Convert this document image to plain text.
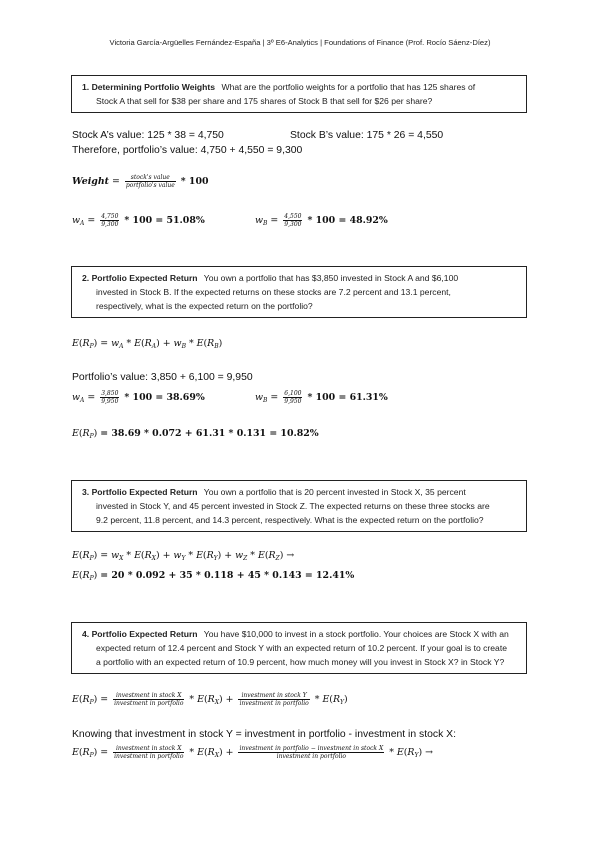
Victoria García-Argüelles Fernández-España | 3º E6-Analytics | Foundations of Finance (Prof. Rocío Sáenz-Díez)
1. Determining Portfolio Weights What are the portfolio weights for a portfolio that has 125 shares of
Stock A that sell for $38 per share and 175 shares of Stock B that sell for $26 per share?
Stock A’s value: 125 * 38 = 4,750	Stock B’s value: 175 * 26 = 4,550
Therefore, portfolio’s value: 4,750 + 4,550 = 9,300
Weight = $\frac{\text{stock's value}}{\text{portfolio's value}} * 100$
$w_A = \frac{4,750}{9,300} * 100 = 51.08\%$	$w_B = \frac{4,550}{9,300} * 100 = 48.92\%$
2. Portfolio Expected Return You own a portfolio that has $3,850 invested in Stock A and $6,100
invested in Stock B. If the expected returns on these stocks are 7.2 percent and 13.1 percent,
respectively, what is the expected return on the portfolio?
$E(R_P) = w_A * E(R_A) + w_B * E(R_B)$
Portfolio’s value: 3,850 + 6,100 = 9,950
$w_A = \frac{3,850}{9,950} * 100 = 38.69\%$	$w_B = \frac{6,100}{9,950} * 100 = 61.31\%$
$E(R_P) = 38.69 * 0.072 + 61.31 * 0.131 = 10.82\%$
3. Portfolio Expected Return You own a portfolio that is 20 percent invested in Stock X, 35 percent
invested in Stock Y, and 45 percent invested in Stock Z. The expected returns on these three stocks are
9.2 percent, 11.8 percent, and 14.3 percent, respectively. What is the expected return on the portfolio?
$E(R_P) = w_X * E(R_X) + w_Y * E(R_Y) + w_Z * E(R_Z)$ →
$E(R_P) = 20 * 0.092 + 35 * 0.118 + 45 * 0.143 = 12.41\%$
4. Portfolio Expected Return You have $10,000 to invest in a stock portfolio. Your choices are Stock X with an
expected return of 12.4 percent and Stock Y with an expected return of 10.2 percent. If your goal is to create
a portfolio with an expected return of 10.9 percent, how much money will you invest in Stock X? in Stock Y?
$E(R_P) = \frac{\text{investment in stock X}}{\text{investment in portfolio}} * E(R_X) + \frac{\text{investment in stock Y}}{\text{investment in portfolio}} * E(R_Y)$
Knowing that investment in stock Y = investment in portfolio - investment in stock X:
$E(R_P) = \frac{\text{investment in stock X}}{\text{investment in portfolio}} * E(R_X) + \frac{\text{investment in portfolio − investment in stock X}}{\text{investment in portfolio}} * E(R_Y)$ →
